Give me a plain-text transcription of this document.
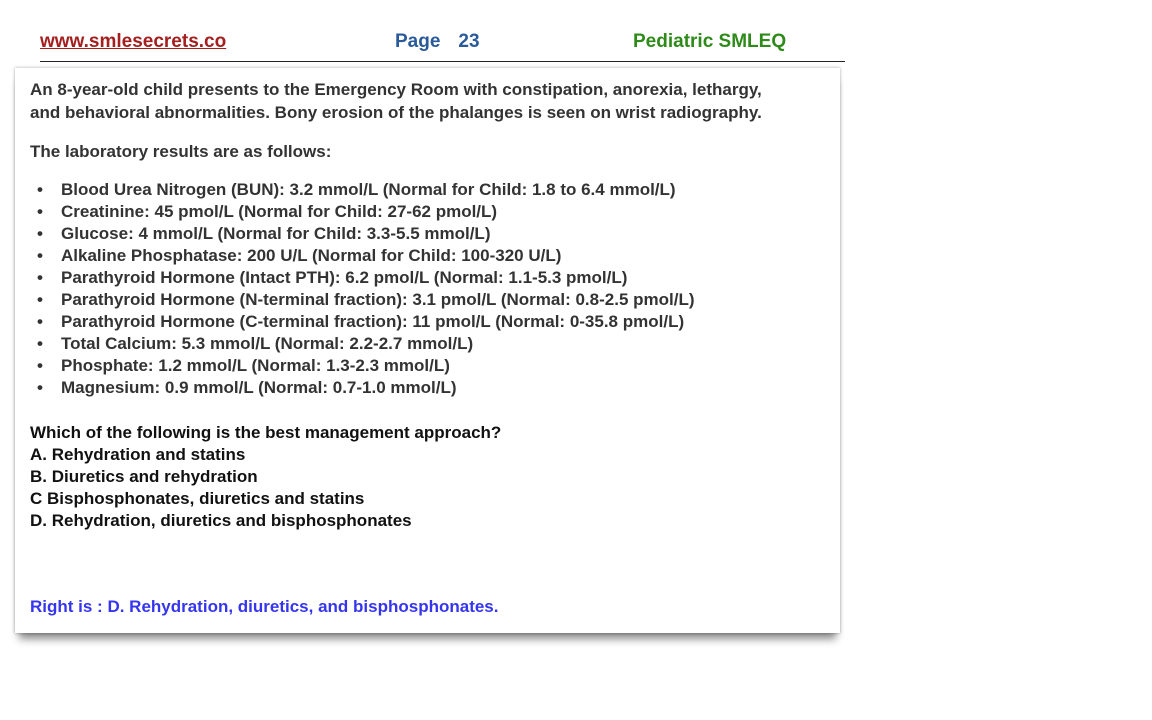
www.smlesecrets.co	Page 23	Pediatric SMLEQ
An 8-year-old child presents to the Emergency Room with constipation, anorexia, lethargy,
and behavioral abnormalities. Bony erosion of the phalanges is seen on wrist radiography.
The laboratory results are as follows:
• Blood Urea Nitrogen (BUN): 3.2 mmol/L (Normal for Child: 1.8 to 6.4 mmol/L)
• Creatinine: 45 pmol/L (Normal for Child: 27-62 pmol/L)
• Glucose: 4 mmol/L (Normal for Child: 3.3-5.5 mmol/L)
• Alkaline Phosphatase: 200 U/L (Normal for Child: 100-320 U/L)
• Parathyroid Hormone (Intact PTH): 6.2 pmol/L (Normal: 1.1-5.3 pmol/L)
• Parathyroid Hormone (N-terminal fraction): 3.1 pmol/L (Normal: 0.8-2.5 pmol/L)
• Parathyroid Hormone (C-terminal fraction): 11 pmol/L (Normal: 0-35.8 pmol/L)
• Total Calcium: 5.3 mmol/L (Normal: 2.2-2.7 mmol/L)
• Phosphate: 1.2 mmol/L (Normal: 1.3-2.3 mmol/L)
• Magnesium: 0.9 mmol/L (Normal: 0.7-1.0 mmol/L)
Which of the following is the best management approach?
A. Rehydration and statins
B. Diuretics and rehydration
C Bisphosphonates, diuretics and statins
D. Rehydration, diuretics and bisphosphonates
Right is : D. Rehydration, diuretics, and bisphosphonates.
